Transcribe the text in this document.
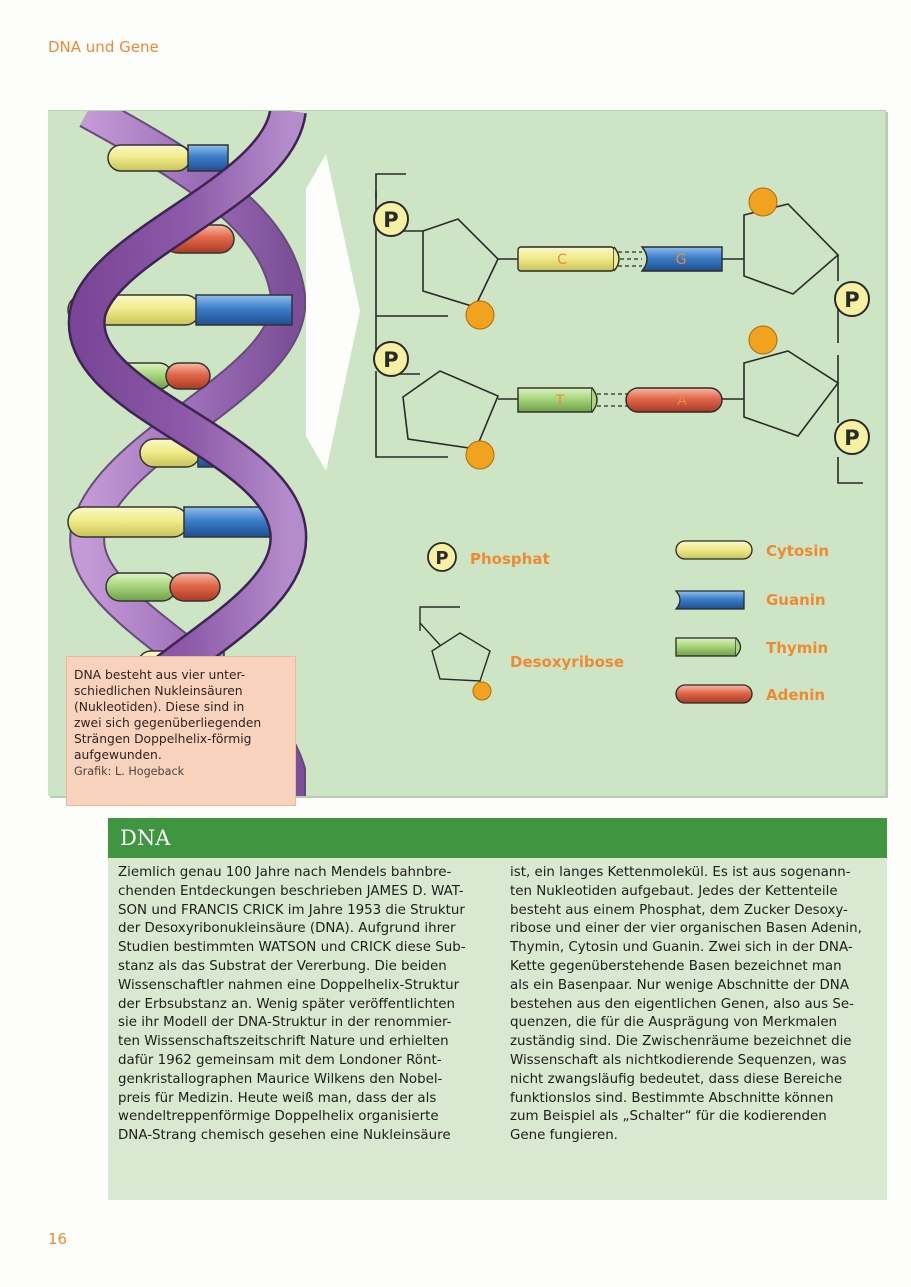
DNA und Gene
P
P
P
P
C	G
T	A
P Phosphat
Desoxyribose
Cytosin
Guanin
Thymin
Adenin

DNA besteht aus vier unter-
schiedlichen Nukleinsäuren
(Nukleotiden). Diese sind in
zwei sich gegenüberliegenden
Strängen Doppelhelix-förmig
aufgewunden.

Grafik: L. Hogeback

DNA
Ziemlich genau 100 Jahre nach Mendels bahnbre-
chenden Entdeckungen beschrieben JAMES D. WAT-
SON und FRANCIS CRICK im Jahre 1953 die Struktur
der Desoxyribonukleinsäure (DNA). Aufgrund ihrer
Studien bestimmten WATSON und CRICK diese Sub-
stanz als das Substrat der Vererbung. Die beiden
Wissenschaftler nahmen eine Doppelhelix-Struktur
der Erbsubstanz an. Wenig später veröffentlichten
sie ihr Modell der DNA-Struktur in der renommier-
ten Wissenschaftszeitschrift Nature und erhielten
dafür 1962 gemeinsam mit dem Londoner Rönt-
genkristallographen Maurice Wilkens den Nobel-
preis für Medizin. Heute weiß man, dass der als
wendeltreppenförmige Doppelhelix organisierte
DNA-Strang chemisch gesehen eine Nukleinsäure
ist, ein langes Kettenmolekül. Es ist aus sogenann-
ten Nukleotiden aufgebaut. Jedes der Kettenteile
besteht aus einem Phosphat, dem Zucker Desoxy-
ribose und einer der vier organischen Basen Adenin,
Thymin, Cytosin und Guanin. Zwei sich in der DNA-
Kette gegenüberstehende Basen bezeichnet man
als ein Basenpaar. Nur wenige Abschnitte der DNA
bestehen aus den eigentlichen Genen, also aus Se-
quenzen, die für die Ausprägung von Merkmalen
zuständig sind. Die Zwischenräume bezeichnet die
Wissenschaft als nichtkodierende Sequenzen, was
nicht zwangsläufig bedeutet, dass diese Bereiche
funktionslos sind. Bestimmte Abschnitte können
zum Beispiel als „Schalter“ für die kodierenden
Gene fungieren.
16
